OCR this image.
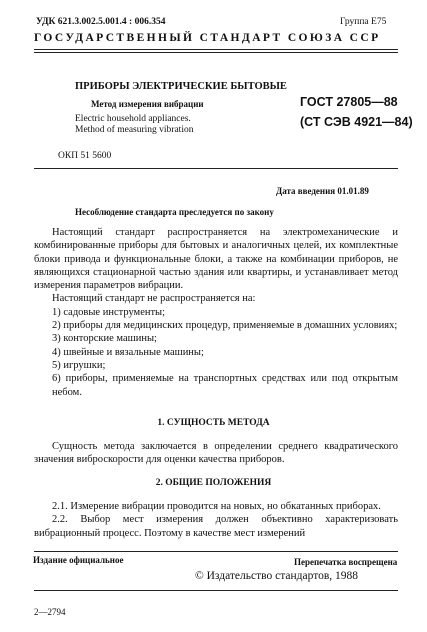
УДК 621.3.002.5.001.4 : 006.354	Группа Е75
ГОСУДАРСТВЕННЫЙ СТАНДАРТ СОЮЗА ССР
ПРИБОРЫ ЭЛЕКТРИЧЕСКИЕ БЫТОВЫЕ
Метод измерения вибрации
Electric household appliances.
Method of measuring vibration
ГОСТ 27805—88
(СТ СЭВ 4921—84)
ОКП 51 5600
Дата введения 01.01.89
Несоблюдение стандарта преследуется по закону
Настоящий стандарт распространяется на электромеханические и комбинированные приборы для бытовых и аналогичных целей, их комплектные блоки привода и функциональные блоки, а также на комбинации приборов, не являющихся стационарной частью здания или квартиры, и устанавливает метод измерения параметров вибрации.
Настоящий стандарт не распространяется на:
1) садовые инструменты;
2) приборы для медицинских процедур, применяемые в домашних условиях;
3) конторские машины;
4) швейные и вязальные машины;
5) игрушки;
6) приборы, применяемые на транспортных средствах или под открытым небом.
1. СУЩНОСТЬ МЕТОДА
Сущность метода заключается в определении среднего квадратического значения виброскорости для оценки качества приборов.
2. ОБЩИЕ ПОЛОЖЕНИЯ
2.1. Измерение вибрации проводится на новых, но обкатанных приборах.
2.2. Выбор мест измерения должен объективно характеризовать вибрационный процесс. Поэтому в качестве мест измерений
Издание официальное	Перепечатка воспрещена
© Издательство стандартов, 1988
2—2794
